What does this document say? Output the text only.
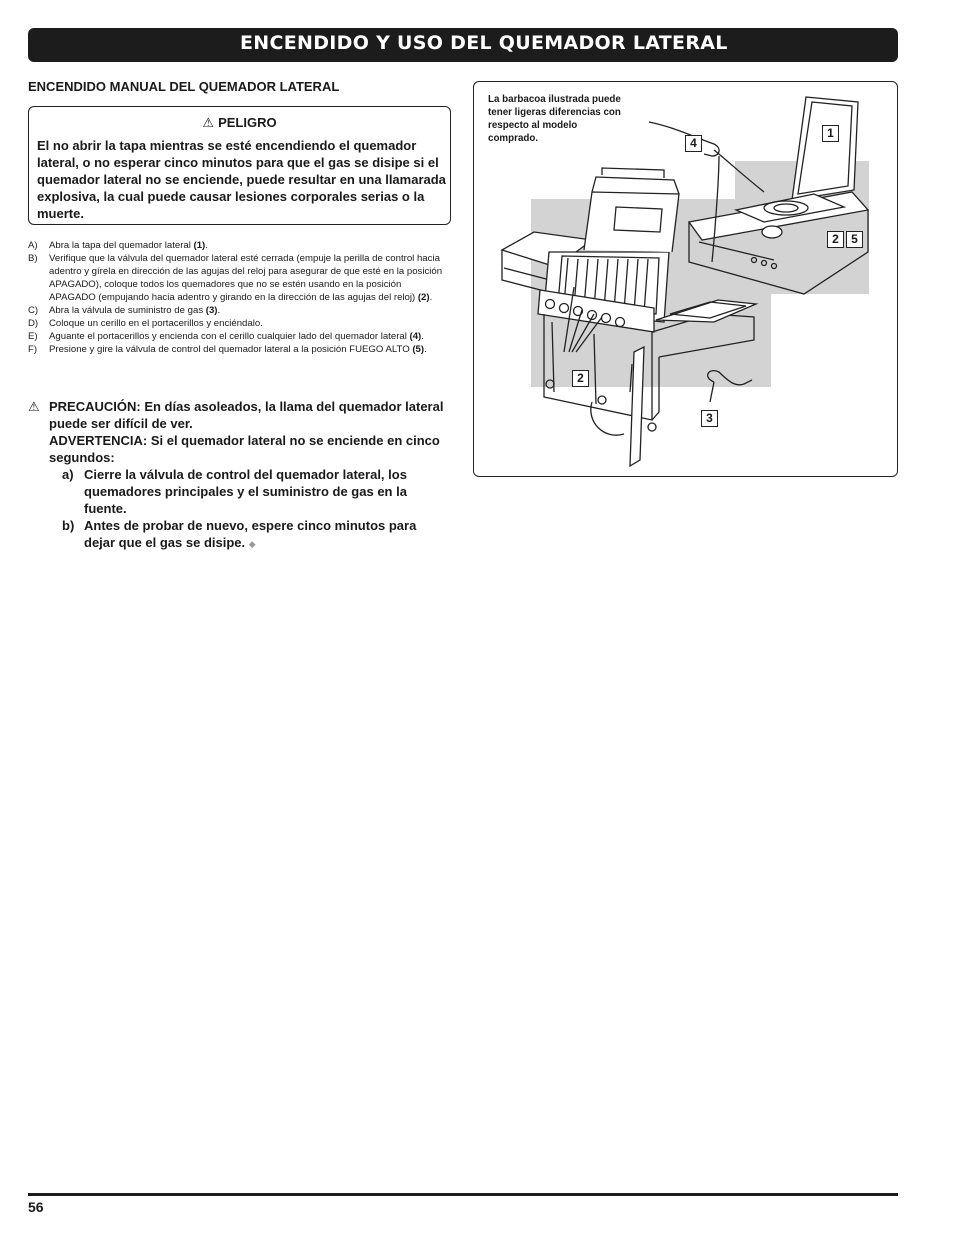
ENCENDIDO Y USO DEL QUEMADOR LATERAL
ENCENDIDO MANUAL DEL QUEMADOR LATERAL
⚠ PELIGRO
El no abrir la tapa mientras se esté encendiendo el quemador lateral, o no esperar cinco minutos para que el gas se disipe si el quemador lateral no se enciende, puede resultar en una llamarada explosiva, la cual puede causar lesiones corporales serias o la muerte.
A)	Abra la tapa del quemador lateral (1).
B)	Verifique que la válvula del quemador lateral esté cerrada (empuje la perilla de control hacia adentro y gírela en dirección de las agujas del reloj para asegurar de que esté en la posición APAGADO), coloque todos los quemadores que no se estén usando en la posición APAGADO (empujando hacia adentro y girando en la dirección de las agujas del reloj) (2).
C)	Abra la válvula de suministro de gas (3).
D)	Coloque un cerillo en el portacerillos y enciéndalo.
E)	Aguante el portacerillos y encienda con el cerillo cualquier lado del quemador lateral (4).
F)	Presione y gire la válvula de control del quemador lateral a la posición FUEGO ALTO (5).
⚠ PRECAUCIÓN: En días asoleados, la llama del quemador lateral puede ser difícil de ver.
ADVERTENCIA: Si el quemador lateral no se enciende en cinco segundos:
a) Cierre la válvula de control del quemador lateral, los quemadores principales y el suministro de gas en la fuente.
b) Antes de probar de nuevo, espere cinco minutos para dejar que el gas se disipe. ◆
La barbacoa ilustrada puede tener ligeras diferencias con respecto al modelo comprado.	1
4
2	5
2
3
56
